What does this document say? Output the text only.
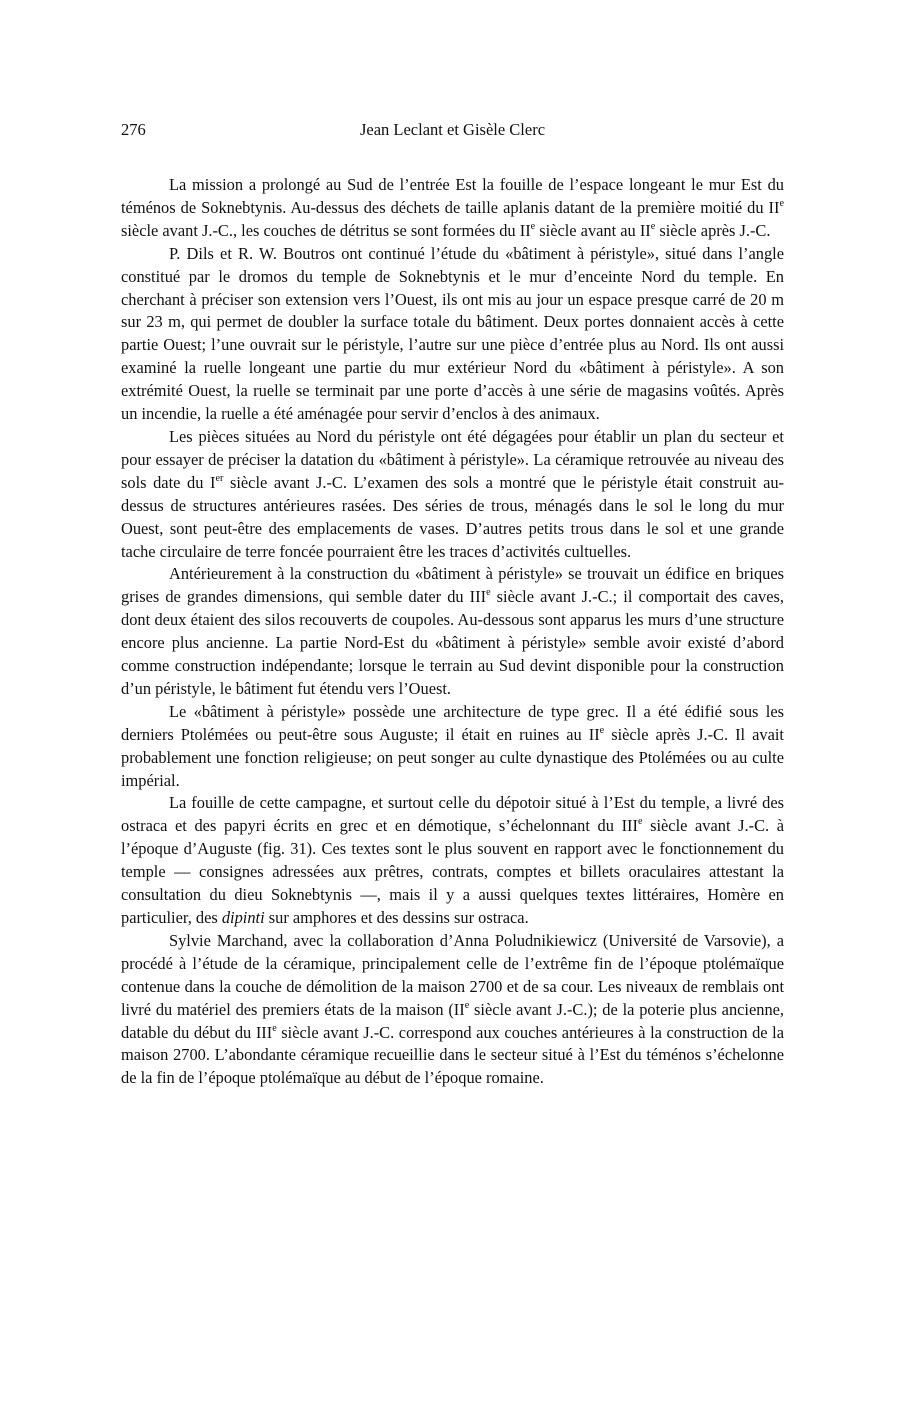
276	Jean Leclant et Gisèle Clerc

La mission a prolongé au Sud de l’entrée Est la fouille de l’espace longeant le mur Est du téménos de Soknebtynis. Au-dessus des déchets de taille aplanis datant de la première moitié du IIe siècle avant J.-C., les couches de détritus se sont formées du IIe siècle avant au IIe siècle après J.-C.

P. Dils et R. W. Boutros ont continué l’étude du «bâtiment à péristyle», situé dans l’angle constitué par le dromos du temple de Soknebtynis et le mur d’enceinte Nord du temple. En cherchant à préciser son extension vers l’Ouest, ils ont mis au jour un espace presque carré de 20 m sur 23 m, qui permet de doubler la surface totale du bâtiment. Deux portes donnaient accès à cette partie Ouest; l’une ouvrait sur le péristyle, l’autre sur une pièce d’entrée plus au Nord. Ils ont aussi examiné la ruelle longeant une partie du mur extérieur Nord du «bâtiment à péristyle». A son extrémité Ouest, la ruelle se terminait par une porte d’accès à une série de magasins voûtés. Après un incendie, la ruelle a été aménagée pour servir d’enclos à des animaux.

Les pièces situées au Nord du péristyle ont été dégagées pour établir un plan du secteur et pour essayer de préciser la datation du «bâtiment à péristyle». La céramique retrouvée au niveau des sols date du Ier siècle avant J.-C. L’examen des sols a montré que le péristyle était construit au-dessus de structures antérieures rasées. Des séries de trous, ménagés dans le sol le long du mur Ouest, sont peut-être des emplacements de vases. D’autres petits trous dans le sol et une grande tache circulaire de terre foncée pourraient être les traces d’activités cultuelles.

Antérieurement à la construction du «bâtiment à péristyle» se trouvait un édifice en briques grises de grandes dimensions, qui semble dater du IIIe siècle avant J.-C.; il comportait des caves, dont deux étaient des silos recouverts de coupoles. Au-dessous sont apparus les murs d’une structure encore plus ancienne. La partie Nord-Est du «bâtiment à péristyle» semble avoir existé d’abord comme construction indépendante; lorsque le terrain au Sud devint disponible pour la construction d’un péristyle, le bâtiment fut étendu vers l’Ouest.

Le «bâtiment à péristyle» possède une architecture de type grec. Il a été édifié sous les derniers Ptolémées ou peut-être sous Auguste; il était en ruines au IIe siècle après J.-C. Il avait probablement une fonction religieuse; on peut songer au culte dynastique des Ptolémées ou au culte impérial.

La fouille de cette campagne, et surtout celle du dépotoir situé à l’Est du temple, a livré des ostraca et des papyri écrits en grec et en démotique, s’échelonnant du IIIe siècle avant J.-C. à l’époque d’Auguste (fig. 31). Ces textes sont le plus souvent en rapport avec le fonctionnement du temple — consignes adressées aux prêtres, contrats, comptes et billets oraculaires attestant la consultation du dieu Soknebtynis —, mais il y a aussi quelques textes littéraires, Homère en particulier, des dipinti sur amphores et des dessins sur ostraca.

Sylvie Marchand, avec la collaboration d’Anna Poludnikiewicz (Université de Varsovie), a procédé à l’étude de la céramique, principalement celle de l’extrême fin de l’époque ptolémaïque contenue dans la couche de démolition de la maison 2700 et de sa cour. Les niveaux de remblais ont livré du matériel des premiers états de la maison (IIe siècle avant J.-C.); de la poterie plus ancienne, datable du début du IIIe siècle avant J.-C. correspond aux couches antérieures à la construction de la maison 2700. L’abondante céramique recueillie dans le secteur situé à l’Est du téménos s’échelonne de la fin de l’époque ptolémaïque au début de l’époque romaine.
